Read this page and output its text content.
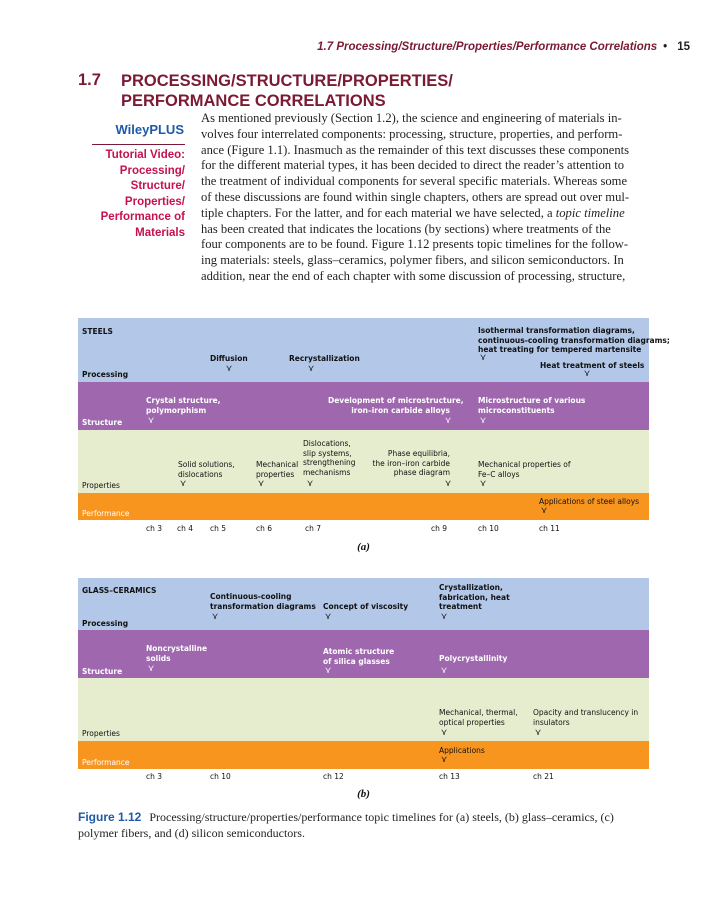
1.7 Processing/Structure/Properties/Performance Correlations • 15
1.7 PROCESSING/STRUCTURE/PROPERTIES/
PERFORMANCE CORRELATIONS
WileyPLUS
Tutorial Video:
Processing/
Structure/
Properties/
Performance of
Materials

As mentioned previously (Section 1.2), the science and engineering of materials in-

volves four interrelated components: processing, structure, properties, and perform-

ance (Figure 1.1). Inasmuch as the remainder of this text discusses these components

for the different material types, it has been decided to direct the reader’s attention to

the treatment of individual components for several specific materials. Whereas some

of these discussions are found within single chapters, others are spread out over mul-

tiple chapters. For the latter, and for each material we have selected, a topic timeline

has been created that indicates the locations (by sections) where treatments of the

four components are to be found. Figure 1.12 presents topic timelines for the follow-

ing materials: steels, glass–ceramics, polymer fibers, and silicon semiconductors. In

addition, near the end of each chapter with some discussion of processing, structure,

STEELS
Processing
Structure
Properties
Performance
Diffusion
⋎
Recrystallization
⋎
Isothermal transformation diagrams,
continuous-cooling transformation diagrams;
heat treating for tempered martensite
⋎
Heat treatment of steels
⋎
Crystal structure,
polymorphism
⋎
Development of microstructure,
iron–iron carbide alloys
⋎
Microstructure of various
microconstituents
⋎
Solid solutions,
dislocations
⋎
Mechanical
properties
⋎
Dislocations,
slip systems,
strengthening
mechanisms
⋎
Phase equilibria,
the iron–iron carbide
phase diagram
⋎
Mechanical properties of
Fe–C alloys
⋎
Applications of steel alloys
⋎
ch 3 ch 4 ch 5	ch 6	ch 7	ch 9	ch 10	ch 11
(a)
GLASS–CERAMICS
Processing
Structure
Properties
Performance
Continuous-cooling
transformation diagrams
⋎
Concept of viscosity
⋎
Crystallization,
fabrication, heat
treatment
⋎
Noncrystalline
solids
⋎
Atomic structure
of silica glasses
⋎
Polycrystallinity
⋎
Mechanical, thermal,
optical properties
⋎
Opacity and translucency in
insulators
⋎
Applications
⋎
ch 3	ch 10	ch 12	ch 13	ch 21
(b)
Figure 1.12 Processing/structure/properties/performance topic timelines for (a) steels, (b) glass–ceramics, (c) polymer fibers, and (d) silicon semiconductors.
